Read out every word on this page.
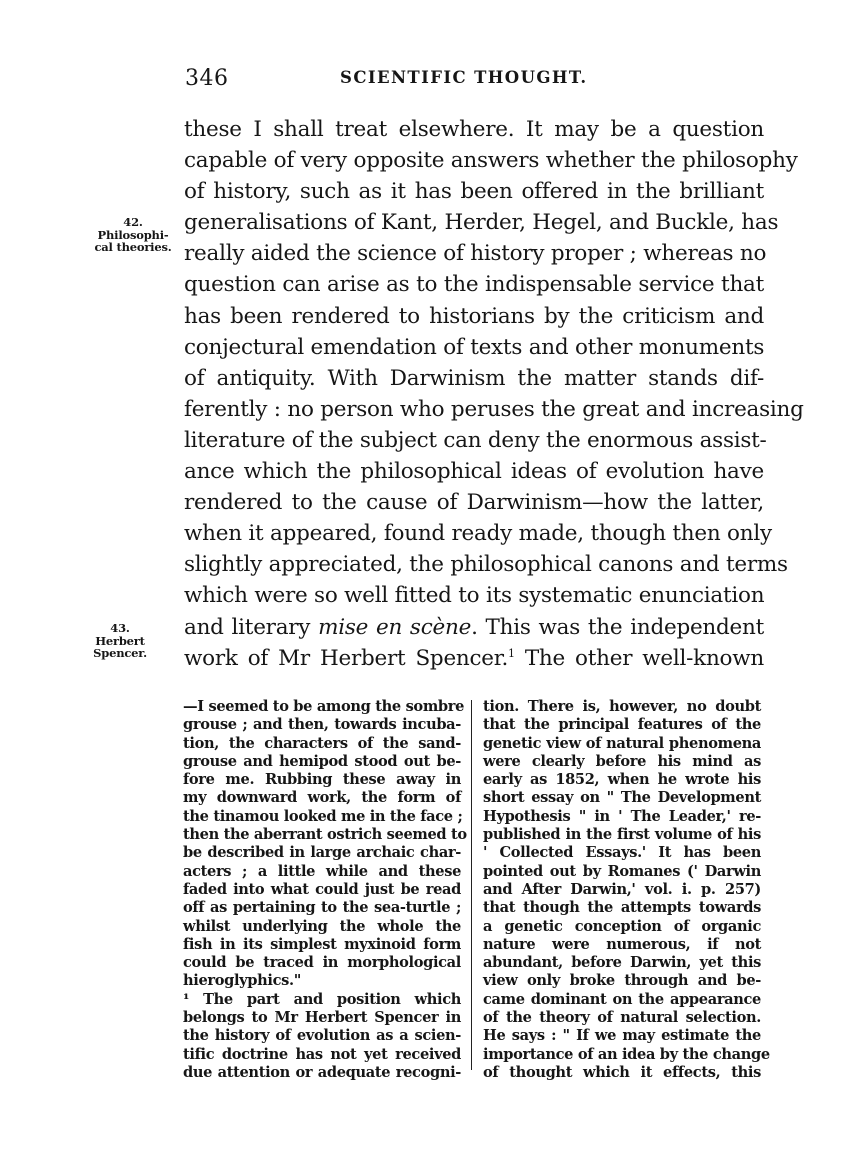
346	SCIENTIFIC THOUGHT.
42.
Philosophi-
cal theories.
43.
Herbert
Spencer.
these I shall treat elsewhere. It may be a question
capable of very opposite answers whether the philosophy
of history, such as it has been offered in the brilliant
generalisations of Kant, Herder, Hegel, and Buckle, has
really aided the science of history proper ; whereas no
question can arise as to the indispensable service that
has been rendered to historians by the criticism and
conjectural emendation of texts and other monuments
of antiquity. With Darwinism the matter stands dif-
ferently : no person who peruses the great and increasing
literature of the subject can deny the enormous assist-
ance which the philosophical ideas of evolution have
rendered to the cause of Darwinism—how the latter,
when it appeared, found ready made, though then only
slightly appreciated, the philosophical canons and terms
which were so well fitted to its systematic enunciation
and literary mise en scène. This was the independent
work of Mr Herbert Spencer.$^1$ The other well-known
—I seemed to be among the sombre
grouse ; and then, towards incuba-
tion, the characters of the sand-
grouse and hemipod stood out be-
fore me. Rubbing these away in
my downward work, the form of
the tinamou looked me in the face ;
then the aberrant ostrich seemed to
be described in large archaic char-
acters ; a little while and these
faded into what could just be read
off as pertaining to the sea-turtle ;
whilst underlying the whole the
fish in its simplest myxinoid form
could be traced in morphological
hieroglyphics."
¹ The part and position which
belongs to Mr Herbert Spencer in
the history of evolution as a scien-
tific doctrine has not yet received
due attention or adequate recogni-
tion. There is, however, no doubt
that the principal features of the
genetic view of natural phenomena
were clearly before his mind as
early as 1852, when he wrote his
short essay on " The Development
Hypothesis " in ' The Leader,' re-
published in the first volume of his
' Collected Essays.' It has been
pointed out by Romanes (' Darwin
and After Darwin,' vol. i. p. 257)
that though the attempts towards
a genetic conception of organic
nature were numerous, if not
abundant, before Darwin, yet this
view only broke through and be-
came dominant on the appearance
of the theory of natural selection.
He says : " If we may estimate the
importance of an idea by the change
of thought which it effects, this
